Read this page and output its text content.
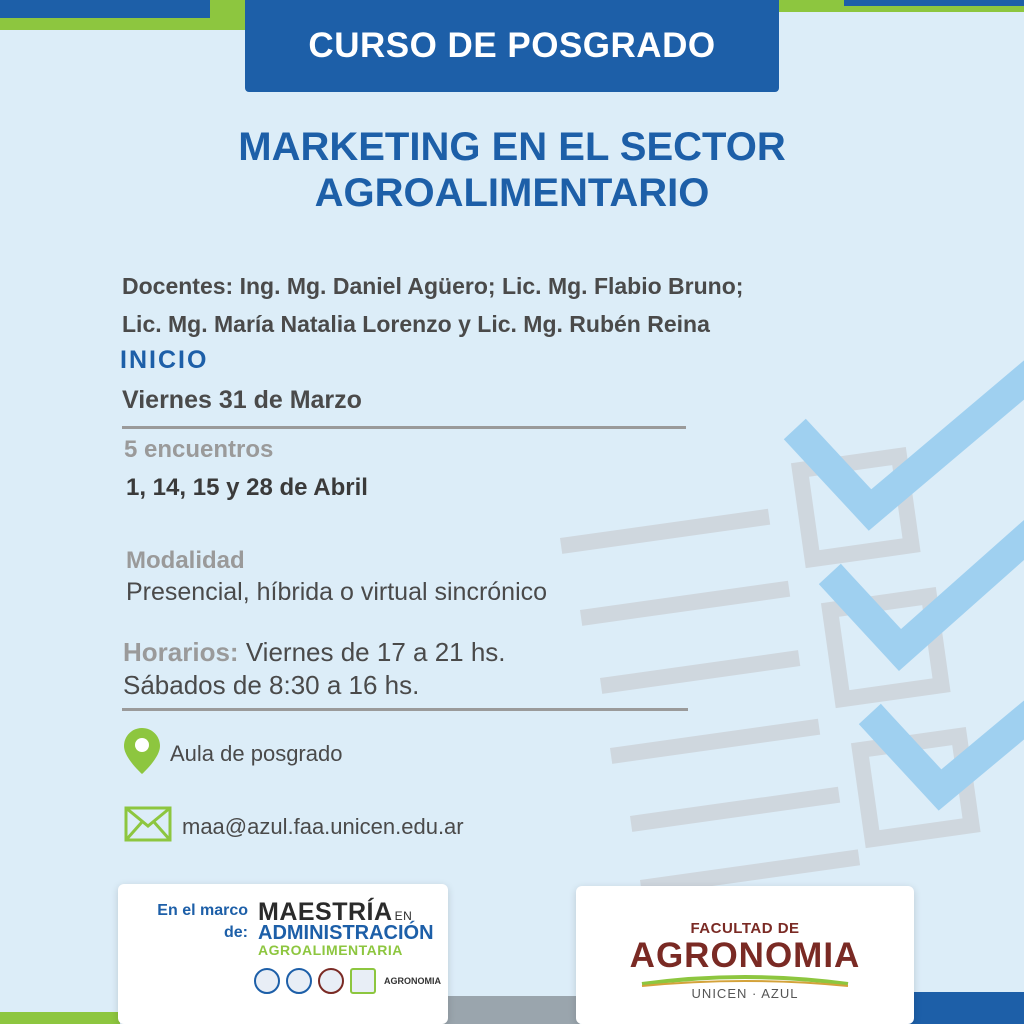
CURSO DE POSGRADO
MARKETING EN EL SECTOR
AGROALIMENTARIO
Docentes: Ing. Mg. Daniel Agüero; Lic. Mg. Flabio Bruno;
Lic. Mg. María Natalia Lorenzo y Lic. Mg. Rubén Reina
INICIO
Viernes 31 de Marzo
5 encuentros
1, 14, 15 y 28 de Abril
Modalidad
Presencial, híbrida o virtual sincrónico
Horarios: Viernes de 17 a 21 hs.
Sábados de 8:30 a 16 hs.
Aula de posgrado
maa@azul.faa.unicen.edu.ar
En el marco
de:
MAESTRÍA EN
ADMINISTRACIÓN
AGROALIMENTARIA
AGRONOMIA
FACULTAD DE
AGRONOMIA
UNICEN · AZUL
